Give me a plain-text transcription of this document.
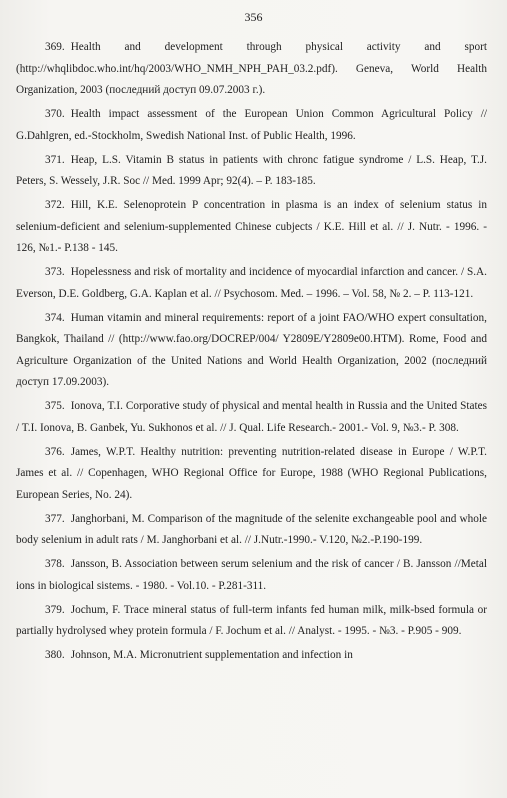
356
369. Health and development through physical activity and sport (http://whqlibdoc.who.int/hq/2003/WHO_NMH_NPH_PAH_03.2.pdf). Geneva, World Health Organization, 2003 (последний доступ 09.07.2003 г.).
370. Health impact assessment of the European Union Common Agricultural Policy // G.Dahlgren, ed.-Stockholm, Swedish National Inst. of Public Health, 1996.
371. Heap, L.S. Vitamin B status in patients with chronc fatigue syndrome / L.S. Heap, T.J. Peters, S. Wessely, J.R. Soc // Med. 1999 Apr; 92(4). – P. 183-185.
372. Hill, K.E. Selenoprotein P concentration in plasma is an index of selenium status in selenium-deficient and selenium-supplemented Chinese cubjects / K.E. Hill et al. // J. Nutr. - 1996. - 126, №1.- P.138 - 145.
373. Hopelessness and risk of mortality and incidence of myocardial infarction and cancer. / S.A. Everson, D.E. Goldberg, G.A. Kaplan et al. // Psychosom. Med. – 1996. – Vol. 58, № 2. – P. 113-121.
374. Human vitamin and mineral requirements: report of a joint FAO/WHO expert consultation, Bangkok, Thailand // (http://www.fao.org/DOCREP/004/ Y2809E/Y2809e00.HTM). Rome, Food and Agriculture Organization of the United Nations and World Health Organization, 2002 (последний доступ 17.09.2003).
375. Ionova, T.I. Corporative study of physical and mental health in Russia and the United States / T.I. Ionova, B. Ganbek, Yu. Sukhonos et al. // J. Qual. Life Research.- 2001.- Vol. 9, №3.- P. 308.
376. James, W.P.T. Healthy nutrition: preventing nutrition-related disease in Europe / W.P.T. James et al. // Copenhagen, WHO Regional Office for Europe, 1988 (WHO Regional Publications, European Series, No. 24).
377. Janghorbani, M. Comparison of the magnitude of the selenite exchangeable pool and whole body selenium in adult rats / M. Janghorbani et al. // J.Nutr.-1990.- V.120, №2.-P.190-199.
378. Jansson, B. Association between serum selenium and the risk of cancer / B. Jansson //Metal ions in biological sistems. - 1980. - Vol.10. - P.281-311.
379. Jochum, F. Trace mineral status of full-term infants fed human milk, milk-bsed formula or partially hydrolysed whey protein formula / F. Jochum et al. // Analyst. - 1995. - №3. - P.905 - 909.
380. Johnson, M.A. Micronutrient supplementation and infection in
